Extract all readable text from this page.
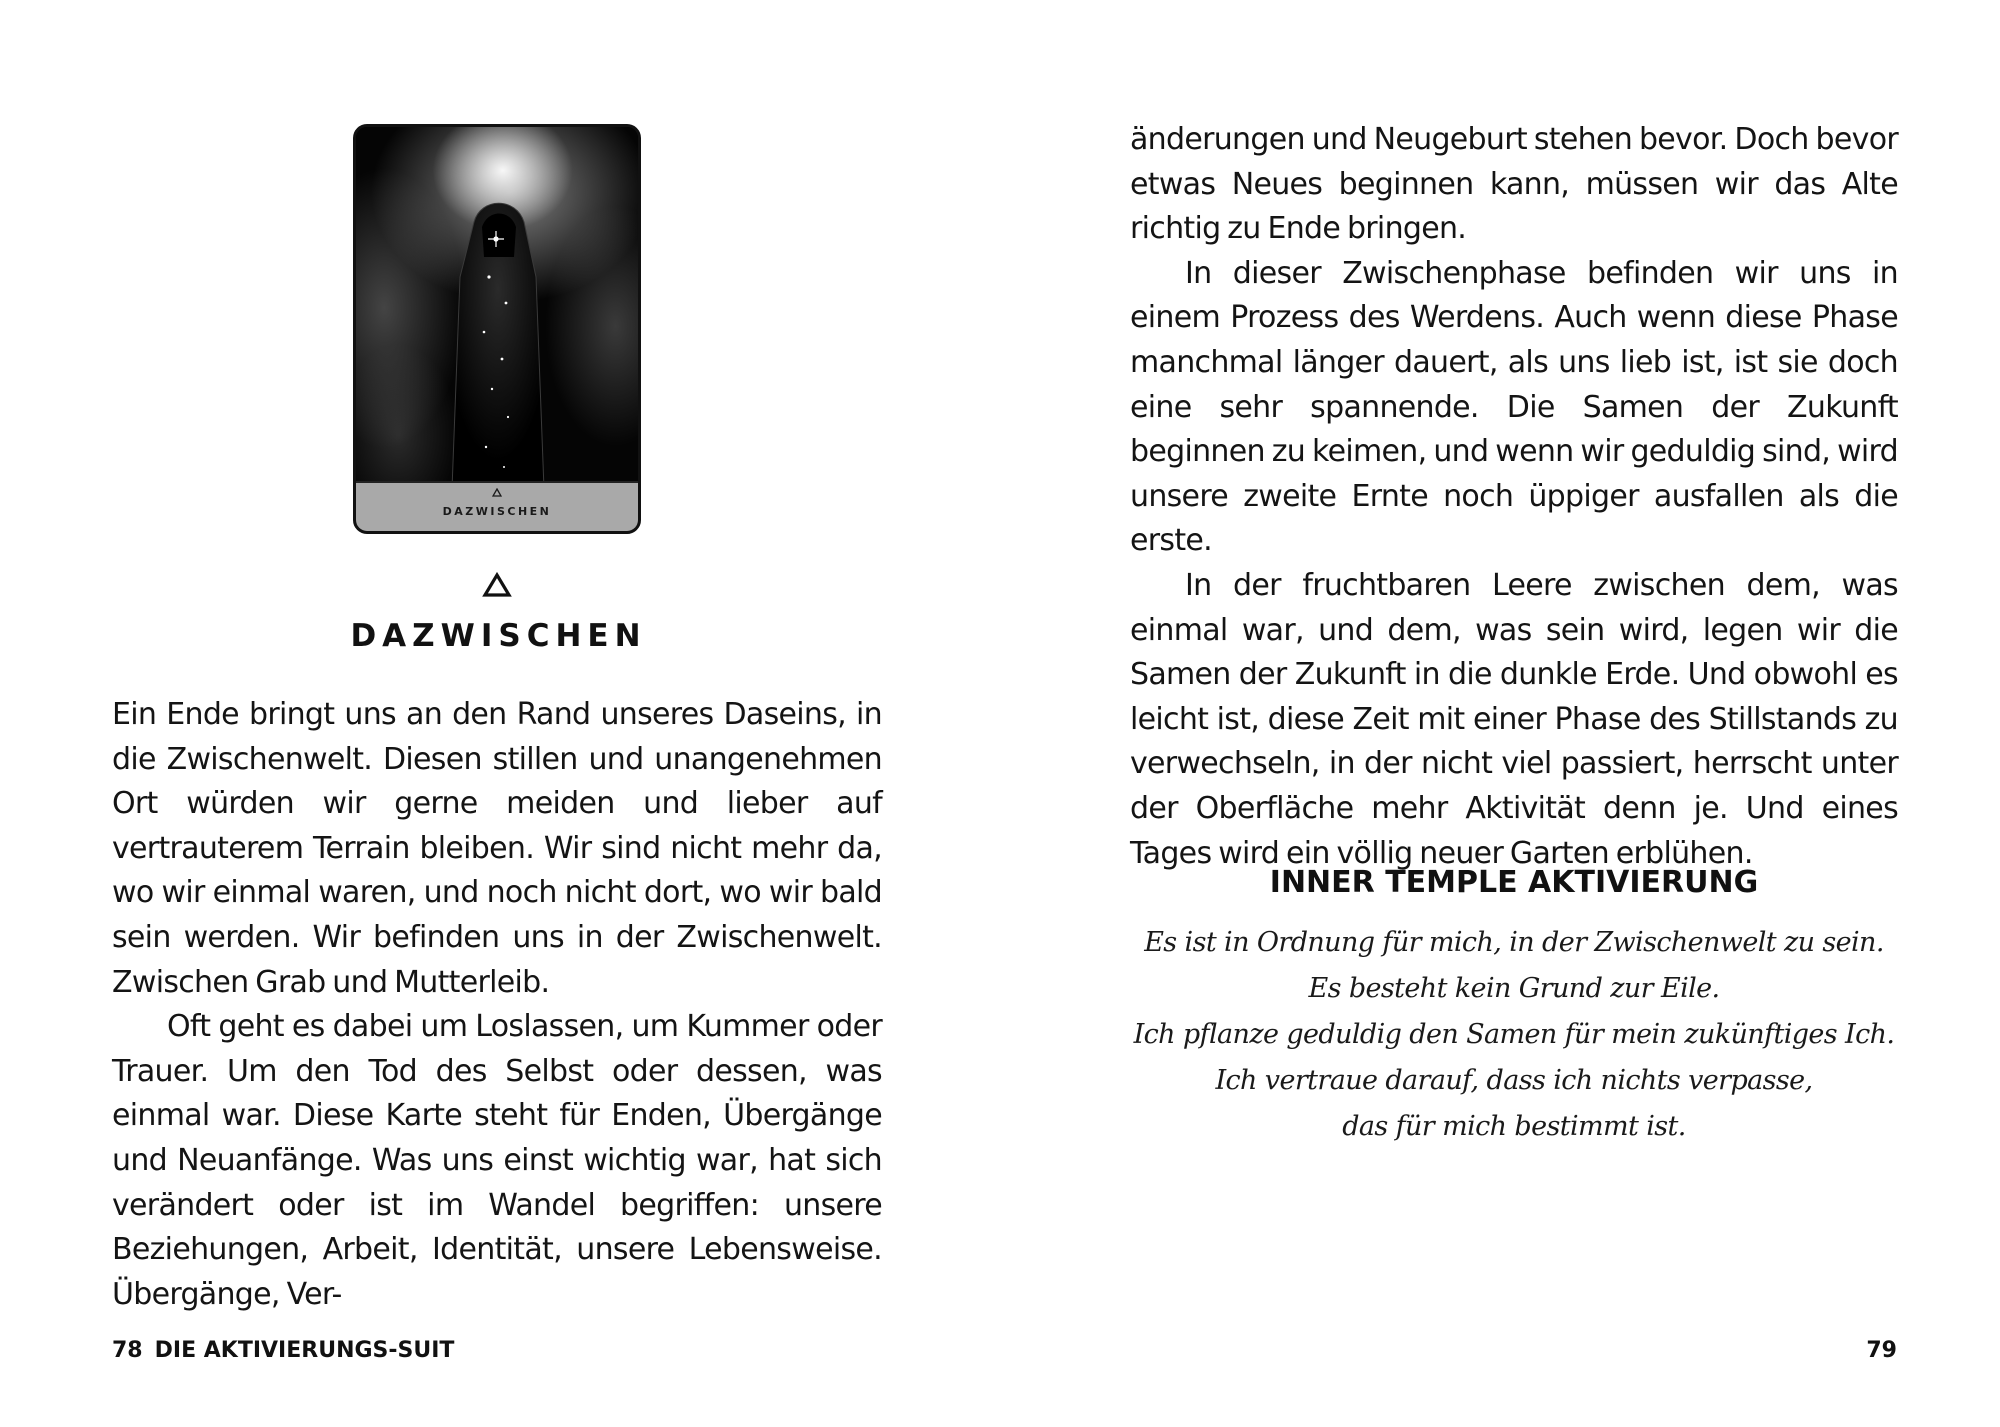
DAZWISCHEN
DAZWISCHEN

Ein Ende bringt uns an den Rand unseres Daseins, in die Zwischenwelt. Diesen stillen und unangenehmen Ort würden wir gerne meiden und lieber auf vertrauterem Terrain bleiben. Wir sind nicht mehr da, wo wir einmal waren, und noch nicht dort, wo wir bald sein werden. Wir befinden uns in der Zwischenwelt. Zwischen Grab und Mutterleib.

Oft geht es dabei um Loslassen, um Kummer oder Trauer. Um den Tod des Selbst oder dessen, was einmal war. Diese Karte steht für Enden, Übergänge und Neuanfänge. Was uns einst wichtig war, hat sich verändert oder ist im Wandel begriffen: unsere Beziehungen, Arbeit, Identität, unsere Lebensweise. Übergänge, Ver-

78 DIE AKTIVIERUNGS-SUIT

änderungen und Neugeburt stehen bevor. Doch bevor etwas Neues beginnen kann, müssen wir das Alte richtig zu Ende bringen.

In dieser Zwischenphase befinden wir uns in einem Prozess des Werdens. Auch wenn diese Phase manchmal länger dauert, als uns lieb ist, ist sie doch eine sehr spannende. Die Samen der Zukunft beginnen zu keimen, und wenn wir geduldig sind, wird unsere zweite Ernte noch üppiger ausfallen als die erste.

In der fruchtbaren Leere zwischen dem, was einmal war, und dem, was sein wird, legen wir die Samen der Zukunft in die dunkle Erde. Und obwohl es leicht ist, diese Zeit mit einer Phase des Stillstands zu verwechseln, in der nicht viel passiert, herrscht unter der Oberfläche mehr Aktivität denn je. Und eines Tages wird ein völlig neuer Garten erblühen.

INNER TEMPLE AKTIVIERUNG
Es ist in Ordnung für mich, in der Zwischenwelt zu sein.
Es besteht kein Grund zur Eile.
Ich pflanze geduldig den Samen für mein zukünftiges Ich.
Ich vertraue darauf, dass ich nichts verpasse,
das für mich bestimmt ist.
79
